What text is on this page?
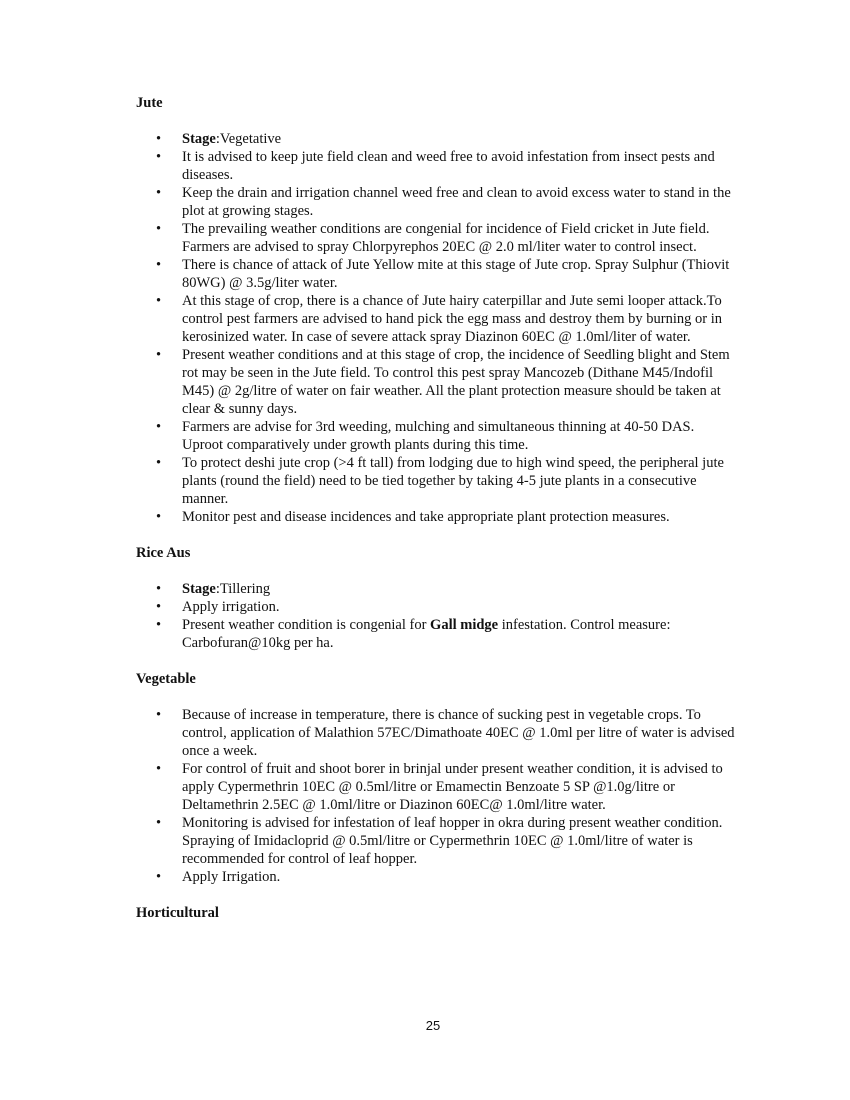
Jute
• Stage:Vegetative
• It is advised to keep jute field clean and weed free to avoid infestation from insect pests and diseases.
• Keep the drain and irrigation channel weed free and clean to avoid excess water to stand in the plot at growing stages.
• The prevailing weather conditions are congenial for incidence of Field cricket in Jute field. Farmers are advised to spray Chlorpyrephos 20EC @ 2.0 ml/liter water to control insect.
• There is chance of attack of Jute Yellow mite at this stage of Jute crop. Spray Sulphur (Thiovit 80WG) @ 3.5g/liter water.
• At this stage of crop, there is a chance of Jute hairy caterpillar and Jute semi looper attack.To control pest farmers are advised to hand pick the egg mass and destroy them by burning or in kerosinized water. In case of severe attack spray Diazinon 60EC @ 1.0ml/liter of water.
• Present weather conditions and at this stage of crop, the incidence of Seedling blight and Stem rot may be seen in the Jute field. To control this pest spray Mancozeb (Dithane M45/Indofil M45) @ 2g/litre of water on fair weather. All the plant protection measure should be taken at clear & sunny days.
• Farmers are advise for 3rd weeding, mulching and simultaneous thinning at 40-50 DAS. Uproot comparatively under growth plants during this time.
• To protect deshi jute crop (>4 ft tall) from lodging due to high wind speed, the peripheral jute plants (round the field) need to be tied together by taking 4-5 jute plants in a consecutive manner.
• Monitor pest and disease incidences and take appropriate plant protection measures.
Rice Aus
• Stage:Tillering
• Apply irrigation.
• Present weather condition is congenial for Gall midge infestation. Control measure: Carbofuran@10kg per ha.
Vegetable
• Because of increase in temperature, there is chance of sucking pest in vegetable crops. To control, application of Malathion 57EC/Dimathoate 40EC @ 1.0ml per litre of water is advised once a week.
• For control of fruit and shoot borer in brinjal under present weather condition, it is advised to apply Cypermethrin 10EC @ 0.5ml/litre or Emamectin Benzoate 5 SP @1.0g/litre or Deltamethrin 2.5EC @ 1.0ml/litre or Diazinon 60EC@ 1.0ml/litre water.
• Monitoring is advised for infestation of leaf hopper in okra during present weather condition. Spraying of Imidacloprid @ 0.5ml/litre or Cypermethrin 10EC @ 1.0ml/litre of water is recommended for control of leaf hopper.
• Apply Irrigation.
Horticultural
25
